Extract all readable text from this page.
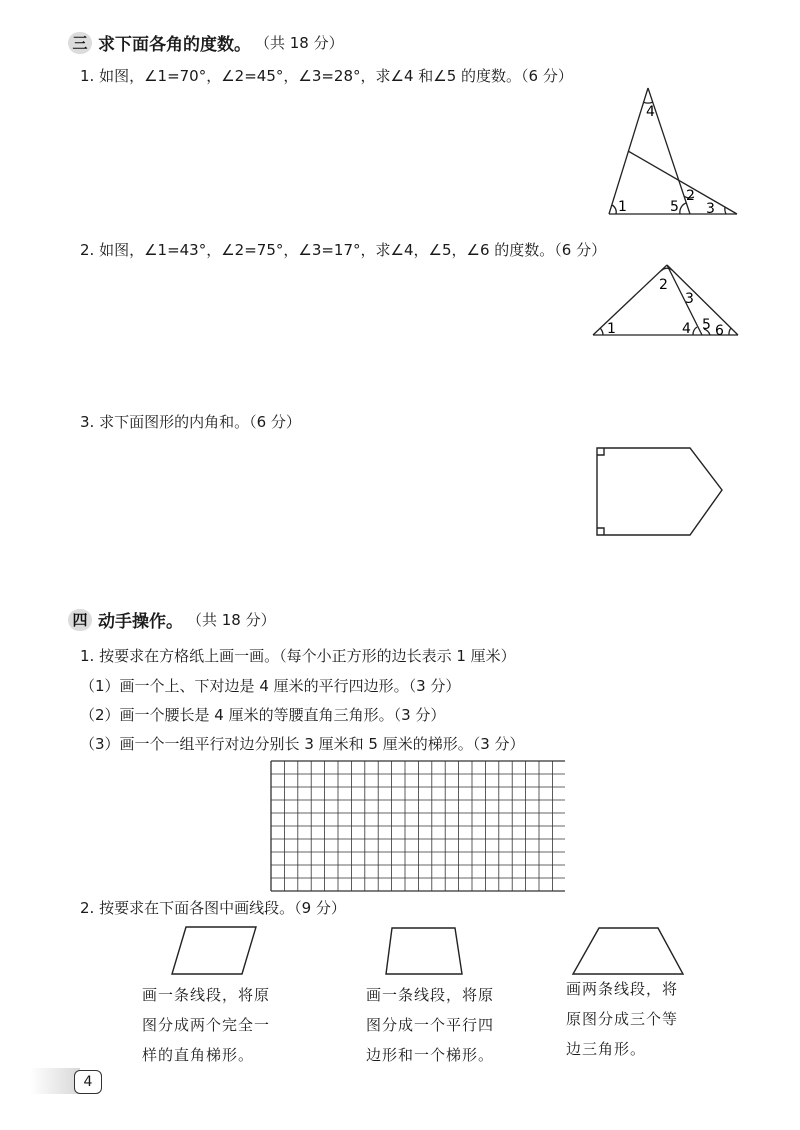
三 求下面各角的度数。 （共 18 分）
1. 如图，∠1=70°，∠2=45°，∠3=28°，求∠4 和∠5 的度数。（6 分）
4
1	5
2
3
2. 如图，∠1=43°，∠2=75°，∠3=17°，求∠4，∠5，∠6 的度数。（6 分）
2
3
1	4 5 6
3. 求下面图形的内角和。（6 分）
四 动手操作。 （共 18 分）
1. 按要求在方格纸上画一画。（每个小正方形的边长表示 1 厘米）
（1）画一个上、下对边是 4 厘米的平行四边形。（3 分）
（2）画一个腰长是 4 厘米的等腰直角三角形。（3 分）
（3）画一个一组平行对边分别长 3 厘米和 5 厘米的梯形。（3 分）
2. 按要求在下面各图中画线段。（9 分）
画一条线段，将原
图分成两个完全一
样的直角梯形。
画一条线段，将原
图分成一个平行四
边形和一个梯形。
画两条线段，将
原图分成三个等
边三角形。
4
